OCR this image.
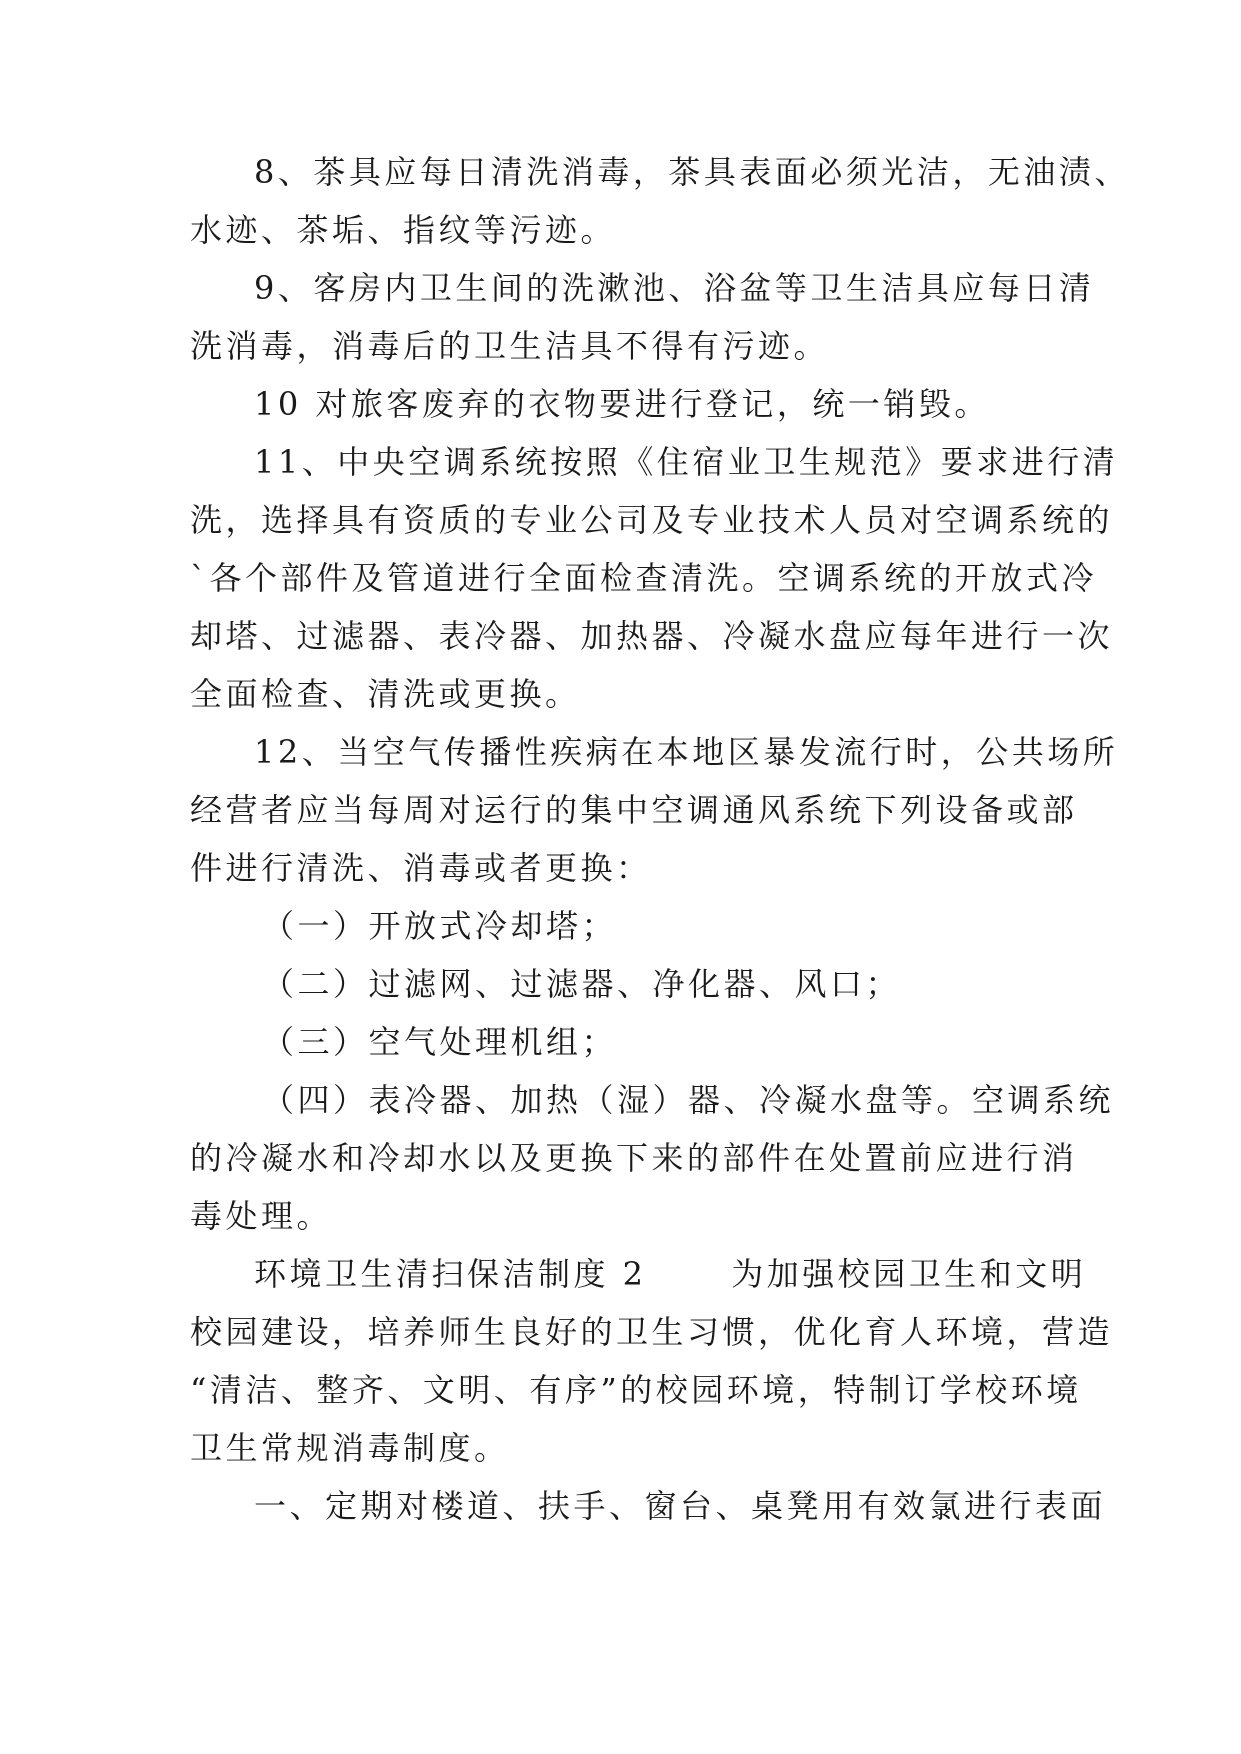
8、茶具应每日清洗消毒，茶具表面必须光洁，无油渍、
水迹、茶垢、指纹等污迹。
9、客房内卫生间的洗漱池、浴盆等卫生洁具应每日清
洗消毒，消毒后的卫生洁具不得有污迹。
10 对旅客废弃的衣物要进行登记，统一销毁。
11、中央空调系统按照《住宿业卫生规范》要求进行清
洗，选择具有资质的专业公司及专业技术人员对空调系统的
`各个部件及管道进行全面检查清洗。空调系统的开放式冷
却塔、过滤器、表冷器、加热器、冷凝水盘应每年进行一次
全面检查、清洗或更换。
12、当空气传播性疾病在本地区暴发流行时，公共场所
经营者应当每周对运行的集中空调通风系统下列设备或部
件进行清洗、消毒或者更换：
（一）开放式冷却塔；
（二）过滤网、过滤器、净化器、风口；
（三）空气处理机组；
（四）表冷器、加热（湿）器、冷凝水盘等。空调系统
的冷凝水和冷却水以及更换下来的部件在处置前应进行消
毒处理。
环境卫生清扫保洁制度 2　　 为加强校园卫生和文明
校园建设，培养师生良好的卫生习惯，优化育人环境，营造
“清洁、整齐、文明、有序”的校园环境，特制订学校环境
卫生常规消毒制度。
一、定期对楼道、扶手、窗台、桌凳用有效氯进行表面
